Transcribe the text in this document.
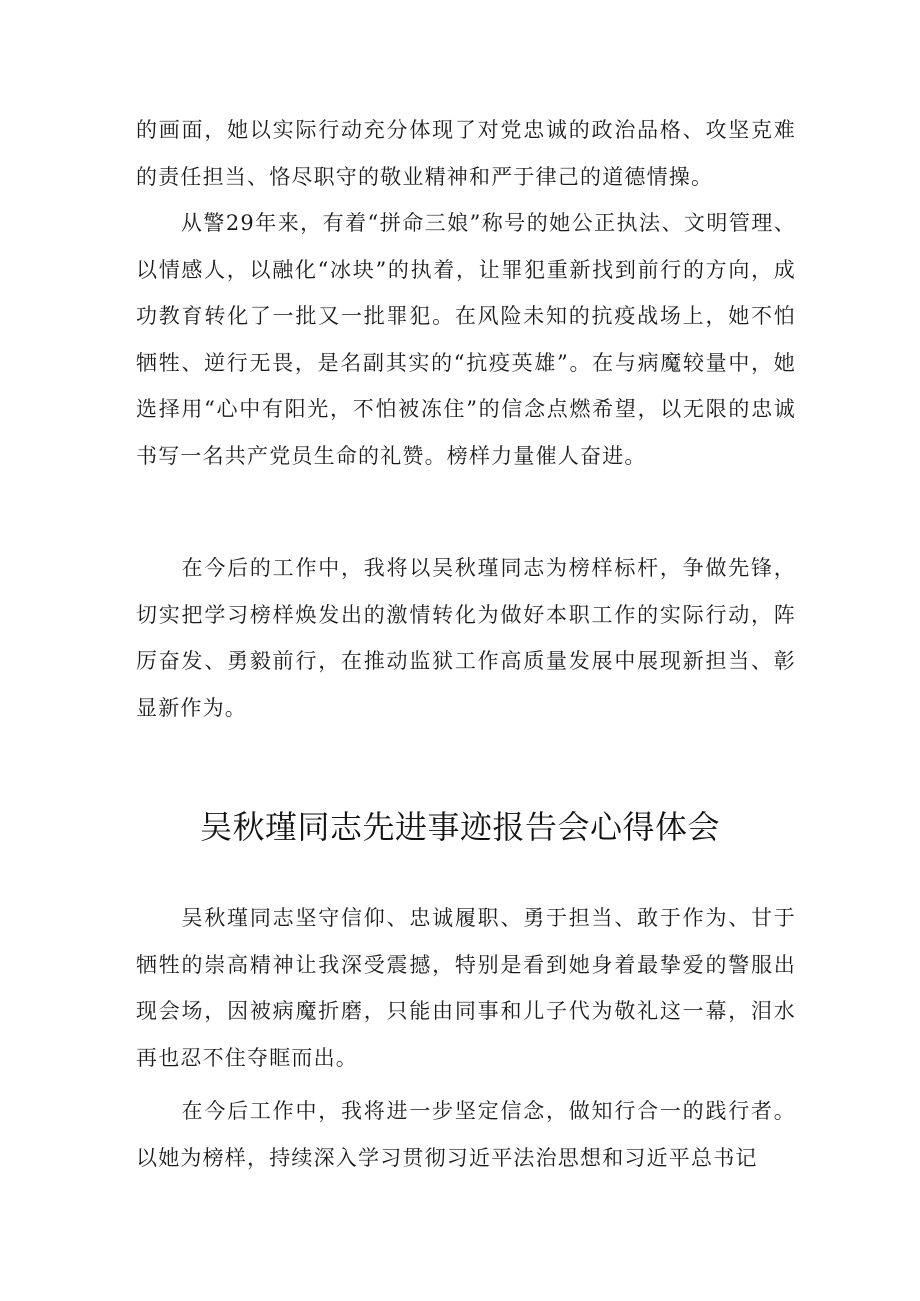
的画面，她以实际行动充分体现了对党忠诚的政治品格、攻坚克难的责任担当、恪尽职守的敬业精神和严于律己的道德情操。

　　从警29年来，有着“拼命三娘”称号的她公正执法、文明管理、以情感人，以融化“冰块”的执着，让罪犯重新找到前行的方向，成功教育转化了一批又一批罪犯。在风险未知的抗疫战场上，她不怕牺牲、逆行无畏，是名副其实的“抗疫英雄”。在与病魔较量中，她选择用“心中有阳光，不怕被冻住”的信念点燃希望，以无限的忠诚书写一名共产党员生命的礼赞。榜样力量催人奋进。

　　在今后的工作中，我将以吴秋瑾同志为榜样标杆，争做先锋，切实把学习榜样焕发出的激情转化为做好本职工作的实际行动，阵厉奋发、勇毅前行，在推动监狱工作高质量发展中展现新担当、彰显新作为。

吴秋瑾同志先进事迹报告会心得体会

　　吴秋瑾同志坚守信仰、忠诚履职、勇于担当、敢于作为、甘于牺牲的崇高精神让我深受震撼，特别是看到她身着最挚爱的警服出现会场，因被病魔折磨，只能由同事和儿子代为敬礼这一幕，泪水再也忍不住夺眶而出。

　　在今后工作中，我将进一步坚定信念，做知行合一的践行者。以她为榜样，持续深入学习贯彻习近平法治思想和习近平总书记
